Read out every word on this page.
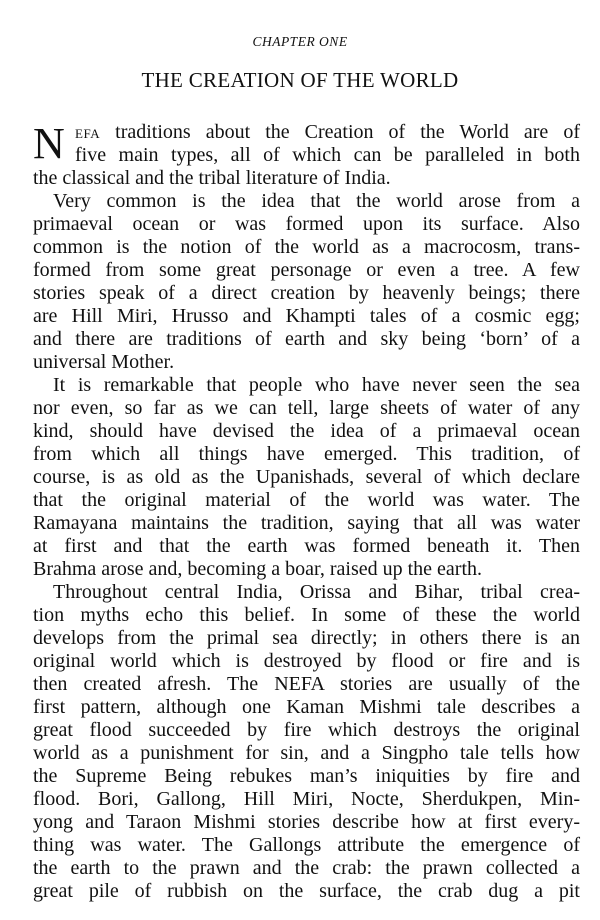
CHAPTER ONE
THE CREATION OF THE WORLD
N EFA traditions about the Creation of the World are of
five main types, all of which can be paralleled in both
the classical and the tribal literature of India.
Very common is the idea that the world arose from a
primaeval ocean or was formed upon its surface. Also
common is the notion of the world as a macrocosm, trans-
formed from some great personage or even a tree. A few
stories speak of a direct creation by heavenly beings; there
are Hill Miri, Hrusso and Khampti tales of a cosmic egg;
and there are traditions of earth and sky being ‘born’ of a
universal Mother.
It is remarkable that people who have never seen the sea
nor even, so far as we can tell, large sheets of water of any
kind, should have devised the idea of a primaeval ocean
from which all things have emerged. This tradition, of
course, is as old as the Upanishads, several of which declare
that the original material of the world was water. The
Ramayana maintains the tradition, saying that all was water
at first and that the earth was formed beneath it. Then
Brahma arose and, becoming a boar, raised up the earth.
Throughout central India, Orissa and Bihar, tribal crea-
tion myths echo this belief. In some of these the world
develops from the primal sea directly; in others there is an
original world which is destroyed by flood or fire and is
then created afresh. The NEFA stories are usually of the
first pattern, although one Kaman Mishmi tale describes a
great flood succeeded by fire which destroys the original
world as a punishment for sin, and a Singpho tale tells how
the Supreme Being rebukes man’s iniquities by fire and
flood. Bori, Gallong, Hill Miri, Nocte, Sherdukpen, Min-
yong and Taraon Mishmi stories describe how at first every-
thing was water. The Gallongs attribute the emergence of
the earth to the prawn and the crab: the prawn collected a
great pile of rubbish on the surface, the crab dug a pit
